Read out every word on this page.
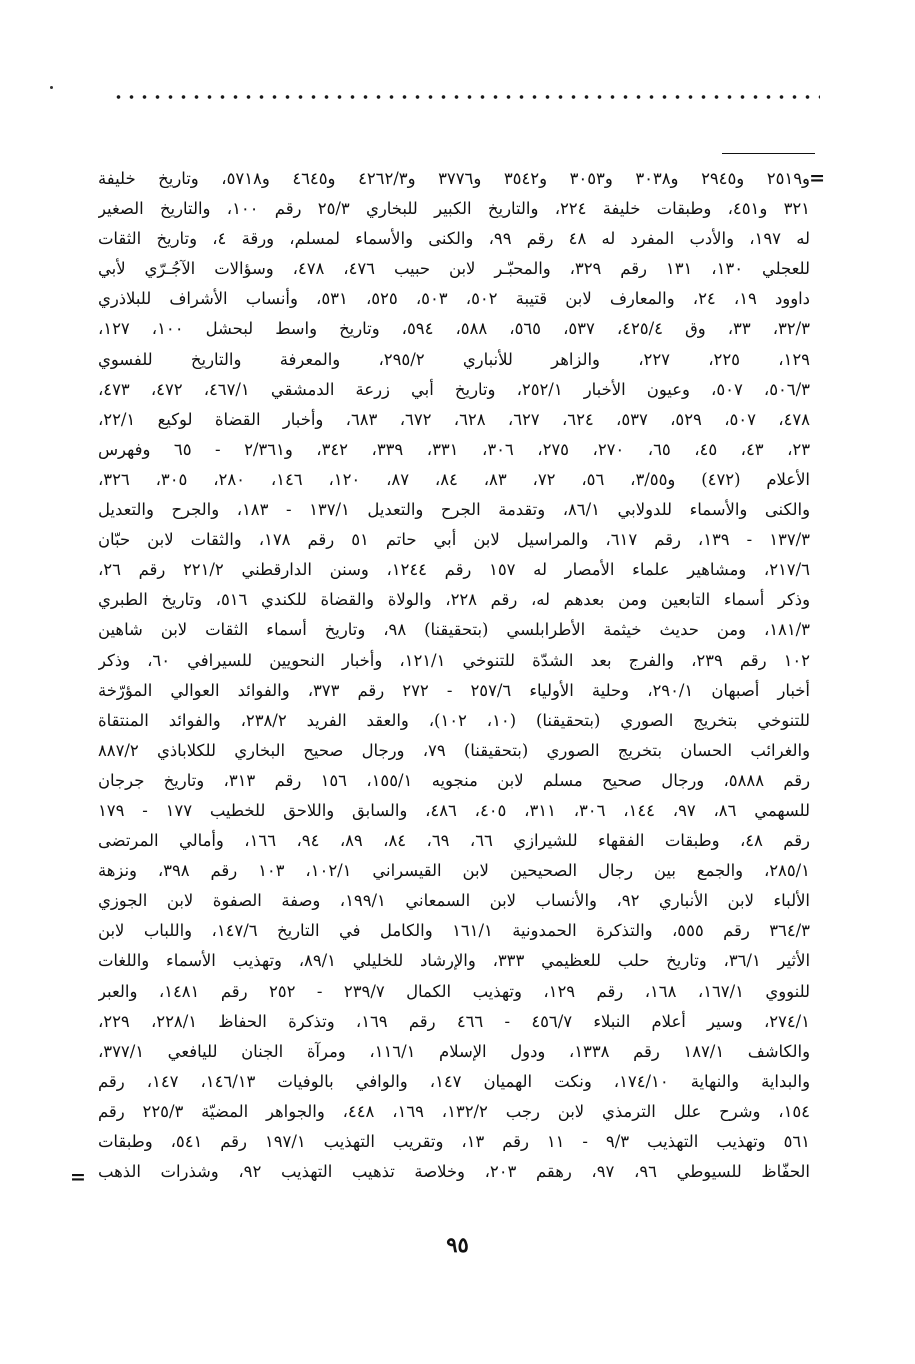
=
و٢٥١٩ و٢٩٤٥ و٣٠٣٨ و٣٠٥٣ و٣٥٤٢ و٣٧٧٦ و٤٢٦٢/٣ و٤٦٤٥ و٥٧١٨، وتاريخ خليفة
٣٢١ و٤٥١، وطبقات خليفة ٢٢٤، والتاريخ الكبير للبخاري ٢٥/٣ رقم ١٠٠، والتاريخ الصغير
له ١٩٧، والأدب المفرد له ٤٨ رقم ٩٩، والكنى والأسماء لمسلم، ورقة ٤، وتاريخ الثقات
للعجلي ١٣٠، ١٣١ رقم ٣٢٩، والمحبّـر لابن حبيب ٤٧٦، ٤٧٨، وسؤالات الآجُـرّي لأبي
داوود ١٩، ٢٤، والمعارف لابن قتيبة ٥٠٢، ٥٠٣، ٥٢٥، ٥٣١، وأنساب الأشراف للبلاذري
٣٢/٣، ٣٣، وق ٤٢٥/٤، ٥٣٧، ٥٦٥، ٥٨٨، ٥٩٤، وتاريخ واسط لبحشل ١٠٠، ١٢٧،
١٢٩، ٢٢٥، ٢٢٧، والزاهر للأنباري ٢٩٥/٢، والمعرفة والتاريخ للفسوي
٥٠٦/٣، ٥٠٧، وعيون الأخبار ٢٥٢/١، وتاريخ أبي زرعة الدمشقي ٤٦٧/١، ٤٧٢، ٤٧٣،
٤٧٨، ٥٠٧، ٥٢٩، ٥٣٧، ٦٢٤، ٦٢٧، ٦٢٨، ٦٧٢، ٦٨٣، وأخبار القضاة لوكيع ٢٢/١،
٢٣، ٤٣، ٤٥، ٦٥، ٢٧٠، ٢٧٥، ٣٠٦، ٣٣١، ٣٣٩، ٣٤٢، و٢/٣٦١ - ٦٥ وفهرس
الأعلام (٤٧٢) و٣/٥٥، ٥٦، ٧٢، ٨٣، ٨٤، ٨٧، ١٢٠، ١٤٦، ٢٨٠، ٣٠٥، ٣٢٦،
والكنى والأسماء للدولابي ٨٦/١، وتقدمة الجرح والتعديل ١٣٧/١ - ١٨٣، والجرح والتعديل
١٣٧/٣ - ١٣٩، رقم ٦١٧، والمراسيل لابن أبي حاتم ٥١ رقم ١٧٨، والثقات لابن حبّان
٢١٧/٦، ومشاهير علماء الأمصار له ١٥٧ رقم ١٢٤٤، وسنن الدارقطني ٢٢١/٢ رقم ٢٦،
وذكر أسماء التابعين ومن بعدهم له، رقم ٢٢٨، والولاة والقضاة للكندي ٥١٦، وتاريخ الطبري
١٨١/٣، ومن حديث خيثمة الأطرابلسي (بتحقيقنا) ٩٨، وتاريخ أسماء الثقات لابن شاهين
١٠٢ رقم ٢٣٩، والفرج بعد الشدّة للتنوخي ١٢١/١، وأخبار النحويين للسيرافي ٦٠، وذكر
أخبار أصبهان ٢٩٠/١، وحلية الأولياء ٢٥٧/٦ - ٢٧٢ رقم ٣٧٣، والفوائد العوالي المؤرّخة
للتنوخي بتخريج الصوري (بتحقيقنا) (١٠، ١٠٢)، والعقد الفريد ٢٣٨/٢، والفوائد المنتقاة
والغرائب الحسان بتخريج الصوري (بتحقيقنا) ٧٩، ورجال صحيح البخاري للكلاباذي ٨٨٧/٢
رقم ٥٨٨٨، ورجال صحيح مسلم لابن منجويه ١٥٥/١، ١٥٦ رقم ٣١٣، وتاريخ جرجان
للسهمي ٨٦، ٩٧، ١٤٤، ٣٠٦، ٣١١، ٤٠٥، ٤٨٦، والسابق واللاحق للخطيب ١٧٧ - ١٧٩
رقم ٤٨، وطبقات الفقهاء للشيرازي ٦٦، ٦٩، ٨٤، ٨٩، ٩٤، ١٦٦، وأمالي المرتضى
٢٨٥/١، والجمع بين رجال الصحيحين لابن القيسراني ١٠٢/١، ١٠٣ رقم ٣٩٨، ونزهة
الألباء لابن الأنباري ٩٢، والأنساب لابن السمعاني ١٩٩/١، وصفة الصفوة لابن الجوزي
٣٦٤/٣ رقم ٥٥٥، والتذكرة الحمدونية ١٦١/١ والكامل في التاريخ ١٤٧/٦، واللباب لابن
الأثير ٣٦/١، وتاريخ حلب للعظيمي ٣٣٣، والإرشاد للخليلي ٨٩/١، وتهذيب الأسماء واللغات
للنووي ١٦٧/١، ١٦٨، رقم ١٢٩، وتهذيب الكمال ٢٣٩/٧ - ٢٥٢ رقم ١٤٨١، والعبر
٢٧٤/١، وسير أعلام النبلاء ٤٥٦/٧ - ٤٦٦ رقم ١٦٩، وتذكرة الحفاظ ٢٢٨/١، ٢٢٩،
والكاشف ١٨٧/١ رقم ١٣٣٨، ودول الإسلام ١١٦/١، ومرآة الجنان لليافعي ٣٧٧/١،
والبداية والنهاية ١٧٤/١٠، ونكت الهميان ١٤٧، والوافي بالوفيات ١٤٦/١٣، ١٤٧، رقم
١٥٤، وشرح علل الترمذي لابن رجب ١٣٢/٢، ١٦٩، ٤٤٨، والجواهر المضيّة ٢٢٥/٣ رقم
٥٦١ وتهذيب التهذيب ٩/٣ - ١١ رقم ١٣، وتقريب التهذيب ١٩٧/١ رقم ٥٤١، وطبقات
الحفّاظ للسيوطي ٩٦، ٩٧، رهقم ٢٠٣، وخلاصة تذهيب التهذيب ٩٢، وشذرات الذهب
=
٩٥
